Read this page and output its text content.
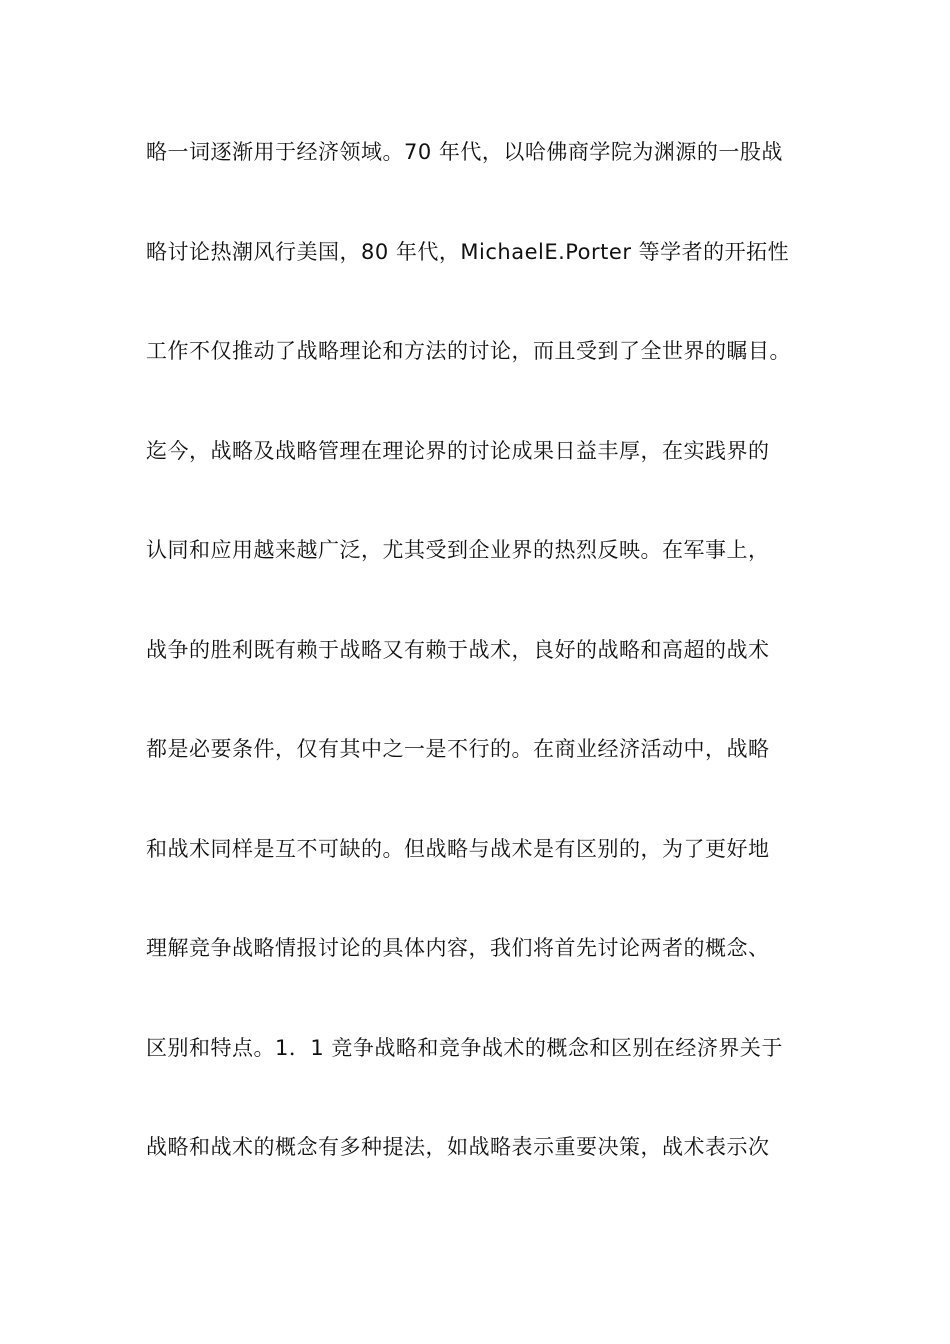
略一词逐渐用于经济领域。70 年代，以哈佛商学院为渊源的一股战
略讨论热潮风行美国，80 年代，MichaelE.Porter 等学者的开拓性
工作不仅推动了战略理论和方法的讨论，而且受到了全世界的瞩目。
迄今，战略及战略管理在理论界的讨论成果日益丰厚，在实践界的
认同和应用越来越广泛，尤其受到企业界的热烈反映。在军事上，
战争的胜利既有赖于战略又有赖于战术，良好的战略和高超的战术
都是必要条件，仅有其中之一是不行的。在商业经济活动中，战略
和战术同样是互不可缺的。但战略与战术是有区别的，为了更好地
理解竞争战略情报讨论的具体内容，我们将首先讨论两者的概念、
区别和特点。1．1 竞争战略和竞争战术的概念和区别在经济界关于
战略和战术的概念有多种提法，如战略表示重要决策，战术表示次
